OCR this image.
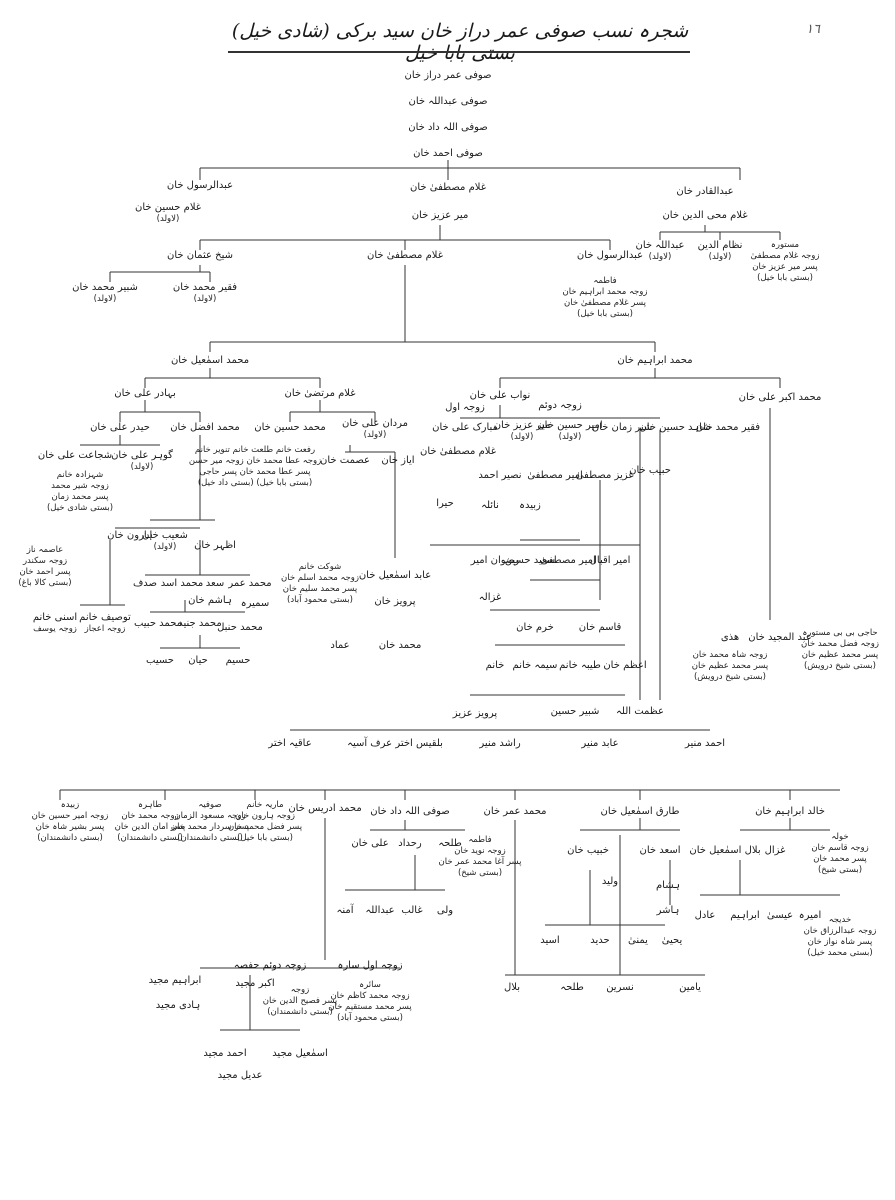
شجرہ نسب صوفی عمر دراز خان سید برکی (شادی خیل) بستی بابا خیل
١٦
صوفی عمر دراز خان
صوفی عبداللہ خان
صوفی اللہ داد خان
صوفی احمد خان
عبدالرسول خان
غلام حسین خان
(لاولد)
غلام مصطفیٰ خان
میر عزیز خان
عبدالقادر خان
غلام محی الدین خان
شیخ عثمان خان	غلام مصطفیٰ خان	عبدالرسول خان
فاطمہ
زوجہ محمد ابراہیم خان
پسر غلام مصطفیٰ خان
(بستی بابا خیل)
عبداللہ خان
(لاولد)
نظام الدین
(لاولد)
مستورہ
زوجہ غلام مصطفیٰ
پسر میر عزیز خان
(بستی بابا خیل)
شبیر محمد خان
(لاولد)
فقیر محمد خان
(لاولد)
محمد اسمٰعیل خان	محمد ابراہیم خان
بہادر علی خان	غلام مرتضیٰ خان	نواب علی خان	محمد اکبر علی خان
زوجہ اول	زوجہ دوئم
حیدر علی خان محمد افضل خان محمد حسین خان مردان علی خان
(لاولد)
عصمت خان ایاز خان
مبارک علی خان
غلام مصطفیٰ خان
میر عزیز خان
(لاولد)
امیر حسین خان
(لاولد)
شیر زمان خان
شاہد حسین خان
فقیر محمد خان
گوہر علی خان
(لاولد)
شجاعت علی خان
شہزادہ خانم
زوجہ شیر محمد
پسر محمد زمان
(بستی شادی خیل)
رفعت خانم طلعت خانم تنویر خانم
زوجہ عطا محمد خان زوجہ میر حسن
پسر عطا محمد خان پسر حاجی
(بستی بابا خیل) (بستی داد خیل)
نصیر احمد امیر مصطفیٰ
عزیز مصطفیٰ
حبیب خان
زبیدہ
نائلہ
حیرا
رضوان امیر
سعید حسین
امیر مصطفیٰ
امیر اقبال
شوکت خانم
زوجہ محمد اسلم خان
پسر محمد سلیم خان
(بستی محمود آباد)
عابد اسمٰعیل خان
پرویز خان
ہارون خان
شعیب خان
(لاولد)	اظہر خان
عاصمہ ناز
زوجہ سکندر
پسر احمد خان
(بستی کالا باغ)	صدف محمد اسد سعد محمد عمر
ہاشم خان سمیرہ
اسنی خانم
زوجہ یوسف
توصیف خانم
زوجہ اعجاز محمد حبیب
محمد جنید
محمد حنبل
حسیب حیان حسیم
عماد	محمد خان
غزالہ
خرم خان قاسم خان
خانم سیمہ خانم طیبہ خانم اعظم خان
پرویز عزیز	شبیر حسین عظمت اللہ
ھذی عبد المجید خان
حاجی بی بی مستورہ
زوجہ فضل محمد خان
پسر محمد عظیم خان
(بستی شیخ درویش)
زوجہ شاہ محمد خان
پسر محمد عظیم خان
(بستی شیخ درویش)
عاقیہ اختر	بلقیس اختر عرف آسیہ	راشد منیر	عابد منیر	احمد منیر
زبیدہ
زوجہ امیر حسین خان
پسر بشیر شاہ خان
(بستی دانشمندان)
طاہرہ
زوجہ محمد خان
پسر امان الدین خان
(بستی دانشمندان)
صوفیہ
زوجہ مسعود الزمان
پسر سردار محمد خان
(بستی دانشمندان)
ماریہ خانم
زوجہ ہارون خان
پسر فضل محمد خان
(بستی بابا خیل)
محمد ادریس خان صوفی اللہ داد خان	محمد عمر خان	طارق اسمٰعیل خان	خالد ابراہیم خان
علی خان رحداد طلحہ فاطمہ
زوجہ نوید خان
پسر آغا محمد عمر خان
(بستی شیخ)
خبیب خان	اسعد خان بلال اسمٰعیل خان غزال
خولہ
زوجہ قاسم خان
پسر محمد خان
(بستی شیخ)
ولید	ہشام
ہاشر
آمنہ عبداللہ غالب ولی	عادل ابراہیم عیسیٰ امیرہ خدیجہ
زوجہ عبدالرزاق خان
پسر شاہ نواز خان
(بستی محمد خیل)
اسید	حدید یمنیٰ یحییٰ
بلال	طلحہ نسرین	یامین
زوجہ دوئم حفصہ	زوجہ اول سارہ
ابراہیم مجید
ہادی مجید
اکبر مجید
زوجہ
پسر فصیح الدین خان
(بستی دانشمندان)
سائرہ
زوجہ محمد کاظم خان
پسر محمد مستقیم خان
(بستی محمود آباد)
احمد مجید	اسمٰعیل مجید
عدیل مجید
